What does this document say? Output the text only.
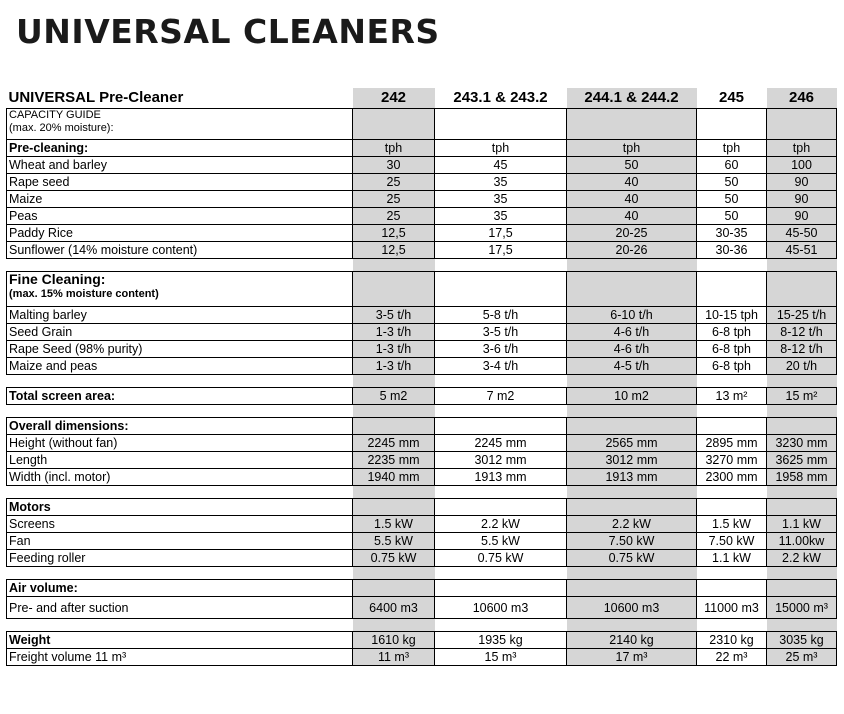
UNIVERSAL CLEANERS
UNIVERSAL Pre-Cleaner	242	243.1 & 243.2	244.1 & 244.2	245	246

CAPACITY GUIDE
(max. 20% moisture):					

Pre-cleaning:	tph	tph	tph	tph	tph
Wheat and barley	30	45	50	60	100
Rape seed	25	35	40	50	90
Maize	25	35	40	50	90
Peas	25	35	40	50	90
Paddy Rice	12,5	17,5	20-25	30-35	45-50
Sunflower (14% moisture content)	12,5	17,5	20-26	30-36	45-51

Fine Cleaning:
(max. 15% moisture content)					

Malting barley	3-5 t/h	5-8 t/h	6-10 t/h	10-15 tph	15-25 t/h
Seed Grain	1-3 t/h	3-5 t/h	4-6 t/h	6-8 tph	8-12 t/h
Rape Seed (98% purity)	1-3 t/h	3-6 t/h	4-6 t/h	6-8 tph	8-12 t/h
Maize and peas	1-3 t/h	3-4 t/h	4-5 t/h	6-8 tph	20 t/h

Total screen area:	5 m2	7 m2	10 m2	13 m²	15 m²

Overall dimensions:					
Height (without fan)	2245 mm	2245 mm	2565 mm	2895 mm	3230 mm
Length	2235 mm	3012 mm	3012 mm	3270 mm	3625 mm
Width (incl. motor)	1940 mm	1913 mm	1913 mm	2300 mm	1958 mm

Motors					
Screens	1.5 kW	2.2 kW	2.2 kW	1.5 kW	1.1 kW
Fan	5.5 kW	5.5 kW	7.50 kW	7.50 kW	11.00kw
Feeding roller	0.75 kW	0.75 kW	0.75 kW	1.1 kW	2.2 kW

Air volume:					
Pre- and after suction	6400 m3	10600 m3	10600 m3	11000 m3	15000 m³

Weight	1610 kg	1935 kg	2140 kg	2310 kg	3035 kg
Freight volume 11 m³	11 m³	15 m³	17 m³	22 m³	25 m³
